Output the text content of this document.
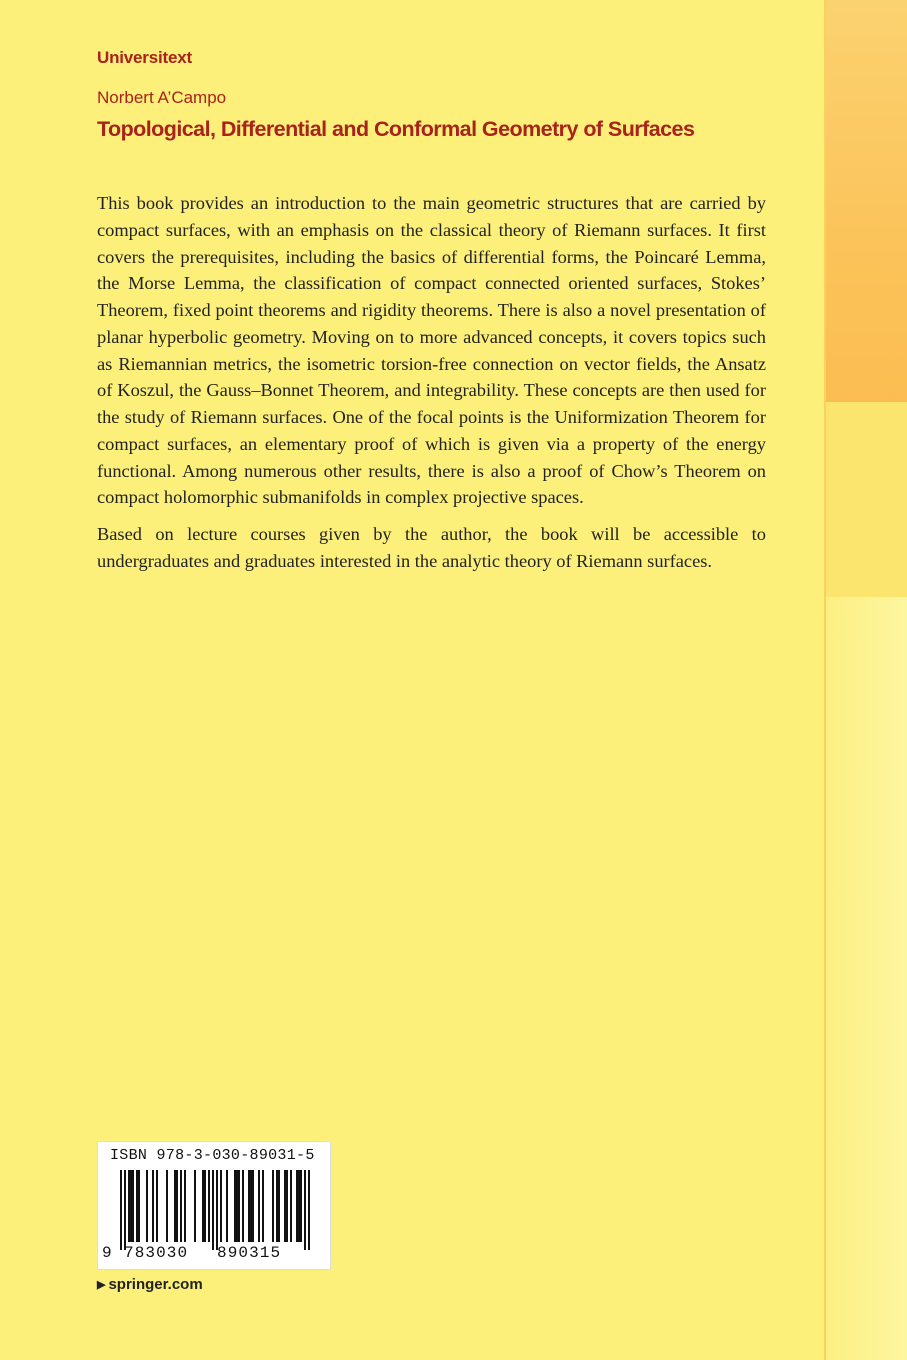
Universitext
Norbert A’Campo
Topological, Differential and Conformal Geometry of Surfaces

This book provides an introduction to the main geometric structures that are carried by compact surfaces, with an emphasis on the classical theory of Riemann surfaces. It first covers the prerequisites, including the basics of differential forms, the Poincaré Lemma, the Morse Lemma, the classification of compact connected oriented surfaces, Stokes’ Theorem, fixed point theorems and rigidity theorems. There is also a novel presentation of planar hyperbolic geometry. Moving on to more advanced concepts, it covers topics such as Riemannian metrics, the isometric torsion-free connection on vector fields, the Ansatz of Koszul, the Gauss–Bonnet Theorem, and integrability. These concepts are then used for the study of Riemann surfaces. One of the focal points is the Uniformization Theorem for compact surfaces, an elementary proof of which is given via a property of the energy functional. Among numerous other results, there is also a proof of Chow’s Theorem on compact holomorphic submanifolds in complex projective spaces.

Based on lecture courses given by the author, the book will be accessible to undergraduates and graduates interested in the analytic theory of Riemann surfaces.

ISBN 978-3-030-89031-5
9 783030 890315
▶ springer.com
